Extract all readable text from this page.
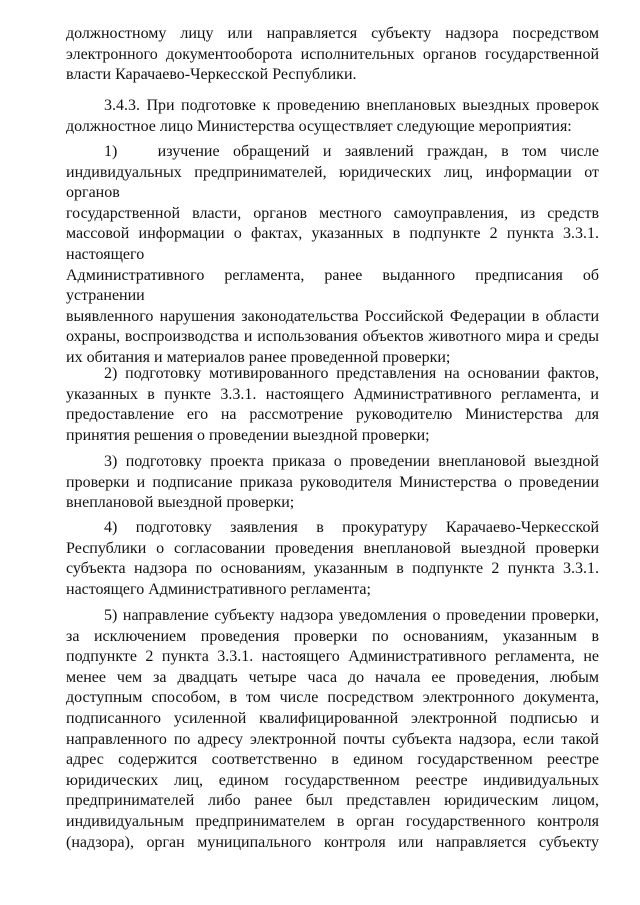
должностному лицу или направляется субъекту надзора посредством
электронного документооборота исполнительных органов государственной
власти Карачаево-Черкесской Республики.
3.4.3. При подготовке к проведению внеплановых выездных проверок
должностное лицо Министерства осуществляет следующие мероприятия:
1)   изучение обращений и заявлений граждан, в том числе
индивидуальных предпринимателей, юридических лиц, информации от
органов
государственной власти, органов местного самоуправления, из средств
массовой информации о фактах, указанных в подпункте 2 пункта 3.3.1.
настоящего
Административного регламента, ранее выданного предписания об
устранении
выявленного нарушения законодательства Российской Федерации в области
охраны, воспроизводства и использования объектов животного мира и среды
их обитания и материалов ранее проведенной проверки;
2) подготовку мотивированного представления на основании фактов,
указанных в пункте 3.3.1. настоящего Административного регламента, и
предоставление его на рассмотрение руководителю Министерства для
принятия решения о проведении выездной проверки;
3) подготовку проекта приказа о проведении внеплановой выездной
проверки и подписание приказа руководителя Министерства о проведении
внеплановой выездной проверки;
4) подготовку заявления в прокуратуру Карачаево-Черкесской
Республики о согласовании проведения внеплановой выездной проверки
субъекта надзора по основаниям, указанным в подпункте 2 пункта 3.3.1.
настоящего Административного регламента;
5) направление субъекту надзора уведомления о проведении проверки,
за исключением проведения проверки по основаниям, указанным в
подпункте 2 пункта 3.3.1. настоящего Административного регламента, не
менее чем за двадцать четыре часа до начала ее проведения, любым
доступным способом, в том числе посредством электронного документа,
подписанного усиленной квалифицированной электронной подписью и
направленного по адресу электронной почты субъекта надзора, если такой
адрес содержится соответственно в едином государственном реестре
юридических лиц, едином государственном реестре индивидуальных
предпринимателей либо ранее был представлен юридическим лицом,
индивидуальным предпринимателем в орган государственного контроля
(надзора), орган муниципального контроля или направляется субъекту
